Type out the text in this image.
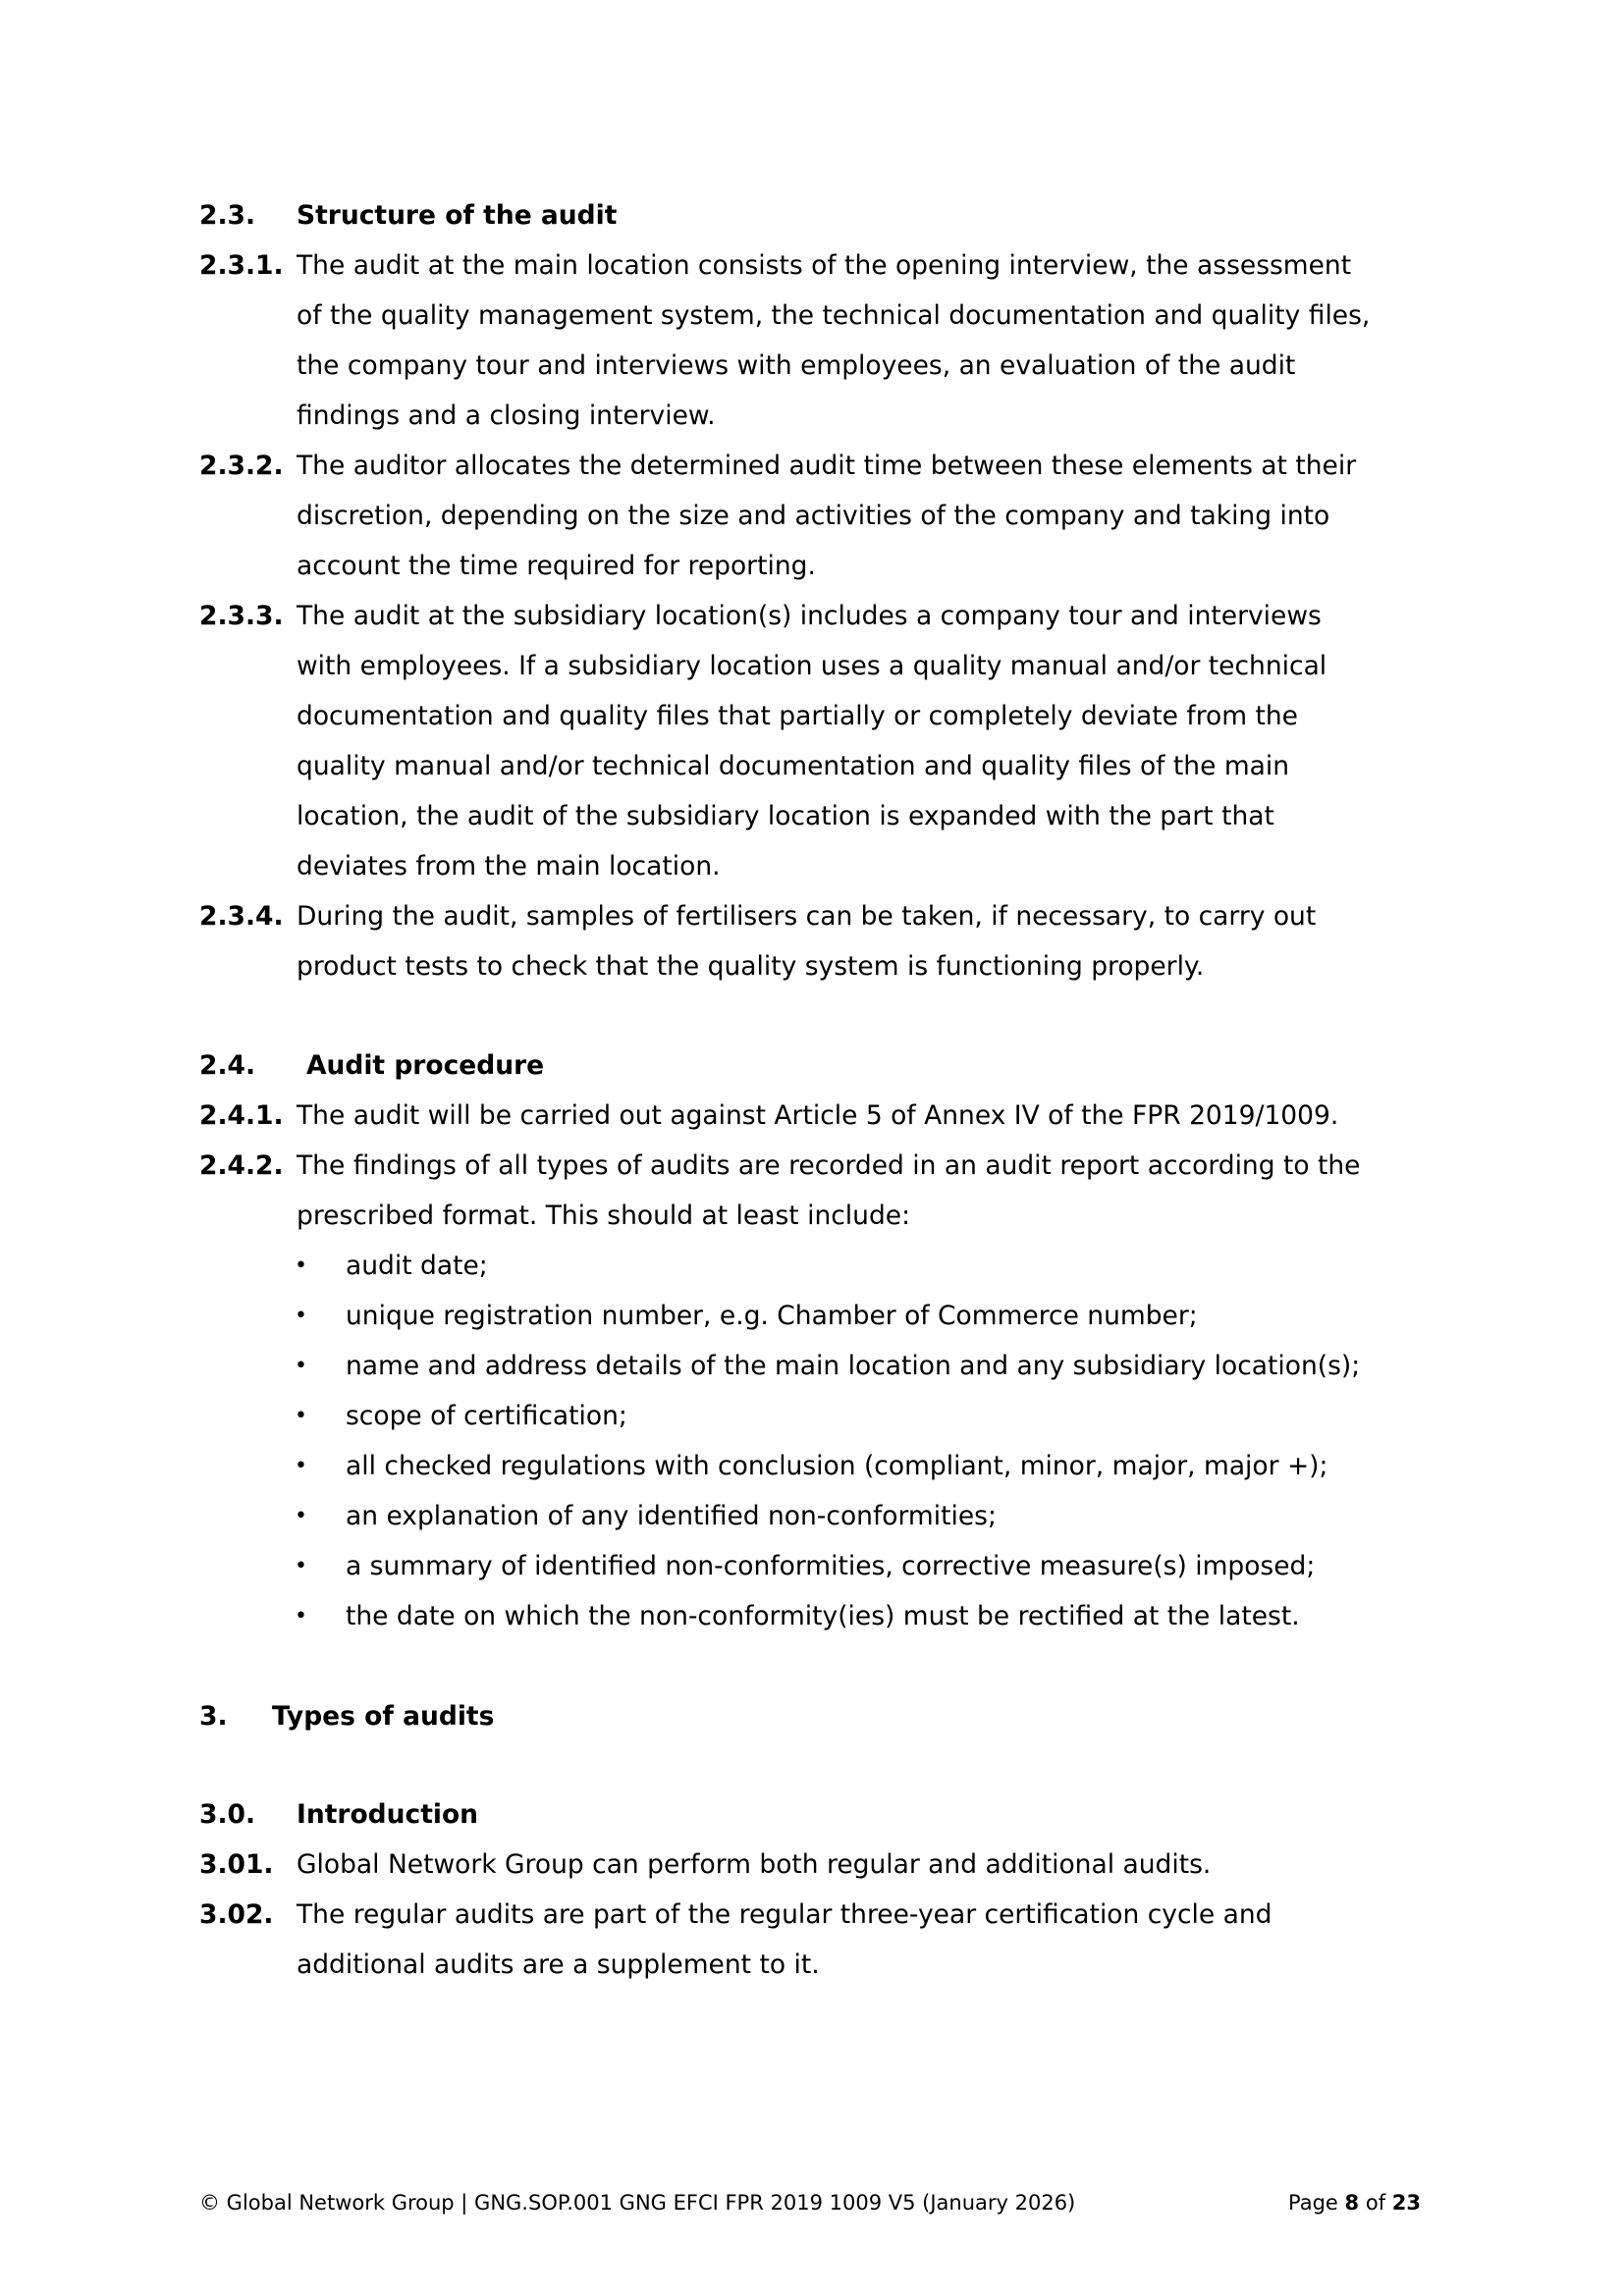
2.3. Structure of the audit
2.3.1. The audit at the main location consists of the opening interview, the assessment
of the quality management system, the technical documentation and quality files,
the company tour and interviews with employees, an evaluation of the audit
findings and a closing interview.
2.3.2. The auditor allocates the determined audit time between these elements at their
discretion, depending on the size and activities of the company and taking into
account the time required for reporting.
2.3.3. The audit at the subsidiary location(s) includes a company tour and interviews
with employees. If a subsidiary location uses a quality manual and/or technical
documentation and quality files that partially or completely deviate from the
quality manual and/or technical documentation and quality files of the main
location, the audit of the subsidiary location is expanded with the part that
deviates from the main location.
2.3.4. During the audit, samples of fertilisers can be taken, if necessary, to carry out
product tests to check that the quality system is functioning properly.
2.4. Audit procedure
2.4.1. The audit will be carried out against Article 5 of Annex IV of the FPR 2019/1009.
2.4.2. The findings of all types of audits are recorded in an audit report according to the
prescribed format. This should at least include:
• audit date;
• unique registration number, e.g. Chamber of Commerce number;
• name and address details of the main location and any subsidiary location(s);
• scope of certification;
• all checked regulations with conclusion (compliant, minor, major, major +);
• an explanation of any identified non-conformities;
• a summary of identified non-conformities, corrective measure(s) imposed;
• the date on which the non-conformity(ies) must be rectified at the latest.
3. Types of audits
3.0. Introduction
3.01. Global Network Group can perform both regular and additional audits.
3.02. The regular audits are part of the regular three-year certification cycle and
additional audits are a supplement to it.
© Global Network Group | GNG.SOP.001 GNG EFCI FPR 2019 1009 V5 (January 2026)	Page 8 of 23
